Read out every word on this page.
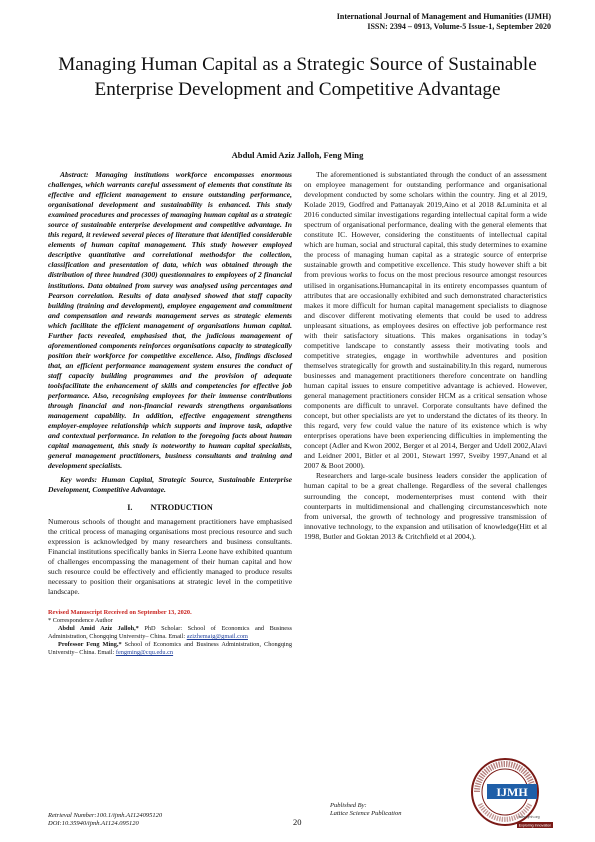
International Journal of Management and Humanities (IJMH)
ISSN: 2394 – 0913, Volume-5 Issue-1, September 2020
Managing Human Capital as a Strategic Source of Sustainable Enterprise Development and Competitive Advantage
Abdul Amid Aziz Jalloh, Feng Ming

Abstract: Managing institutions workforce encompasses enormous challenges, which warrants careful assessment of elements that constitute its effective and efficient management to ensure outstanding performance, organisational development and sustainability is enhanced. This study examined procedures and processes of managing human capital as a strategic source of sustainable enterprise development and competitive advantage. In this regard, it reviewed several pieces of literature that identified considerable elements of human capital management. This study however employed descriptive quantitative and correlational methodsfor the collection, classification and presentation of data, which was obtained through the distribution of three hundred (300) questionnaires to employees of 2 financial institutions. Data obtained from survey was analysed using percentages and Pearson correlation. Results of data analysed showed that staff capacity building (training and development), employee engagement and commitment and compensation and rewards management serves as strategic elements which facilitate the efficient management of organisations human capital. Further facts revealed, emphasised that, the judicious management of aforementioned components reinforces organisations capacity to strategically position their workforce for competitive excellence. Also, findings disclosed that, an efficient performance management system ensures the conduct of staff capacity building programmes and the provision of adequate toolsfacilitate the enhancement of skills and competencies for effective job performance. Also, recognising employees for their immense contributions through financial and non-financial rewards strengthens organisations management capability. In addition, effective engagement strengthens employer-employee relationship which supports and improve task, adaptive and contextual performance. In relation to the foregoing facts about human capital management, this study is noteworthy to human capital specialists, general management practitioners, business consultants and training and development specialists.

Key words: Human Capital, Strategic Source, Sustainable Enterprise Development, Competitive Advantage.

I. NTRODUCTION

Numerous schools of thought and management practitioners have emphasised the critical process of managing organisations most precious resource and such expression is acknowledged by many researchers and business consultants. Financial institutions specifically banks in Sierra Leone have exhibited quantum of challenges encompassing the management of their human capital and how such resource could be effectively and efficiently managed to produce results necessary to position their organisations at strategic level in the competitive landscape.

Revised Manuscript Received on September 13, 2020.
* Correspondence Author
Abdul Amid Aziz Jalloh,* PhD Scholar: School of Economics and Business Administration, Chongqing University– China. Email: azizhemaig@gmail.com
Professor Feng Ming,* School of Economics and Business Administration, Chongqing University– China. Email: fengming@cqu.edu.cn

The aforementioned is substantiated through the conduct of an assessment on employee management for outstanding performance and organisational development conducted by some scholars within the country. Jing et al 2019, Kolade 2019, Godfred and Pattanayak 2019,Aino et al 2018 &Luminita et al 2016 conducted similar investigations regarding intellectual capital form a wide spectrum of organisational performance, dealing with the general elements that constitute IC. However, considering the constituents of intellectual capital which are human, social and structural capital, this study determines to examine the process of managing human capital as a strategic source of enterprise sustainable growth and competitive excellence. This study however shift a bit from previous works to focus on the most precious resource amongst resources utilised in organisations.Humancapital in its entirety encompasses quantum of attributes that are occasionally exhibited and such demonstrated characteristics makes it more difficult for human capital management specialists to diagnose and discover different motivating elements that could be used to address unpleasant situations, as employees desires on effective job performance rest with their satisfactory situations. This makes organisations in today’s competitive landscape to constantly assess their motivating tools and competitive strategies, engage in worthwhile adventures and position themselves strategically for growth and sustainability.In this regard, numerous businesses and management practitioners therefore concentrate on handling human capital issues to ensure competitive advantage is achieved. However, general management practitioners consider HCM as a critical sensation whose components are difficult to unravel. Corporate consultants have defined the concept, but other specialists are yet to understand the dictates of its theory. In this regard, very few could value the nature of its existence which is why enterprises operations have been experiencing difficulties in implementing the concept (Adler and Kwon 2002, Berger et al 2014, Berger and Udell 2002,Alavi and Leidner 2001, Bitler et al 2001, Stewart 1997, Sveiby 1997,Anand et al 2007 & Boot 2000).

Researchers and large-scale business leaders consider the application of human capital to be a great challenge. Regardless of the several challenges surrounding the concept, modernenterprises must contend with their counterparts in multidimensional and challenging circumstanceswhich note from universal, the growth of technology and progressive transmission of innovative technology, to the expansion and utilisation of knowledge(Hitt et al 1998, Butler and Goktan 2013 & Critchfield et al 2004,).

Retrieval Number:100.1/ijmh.A1124095120
DOI:10.35940/ijmh.A1124.095120	20
Published By:
Lattice Science Publication
IJMH
www.ijmh.org
Exploring Innovation
